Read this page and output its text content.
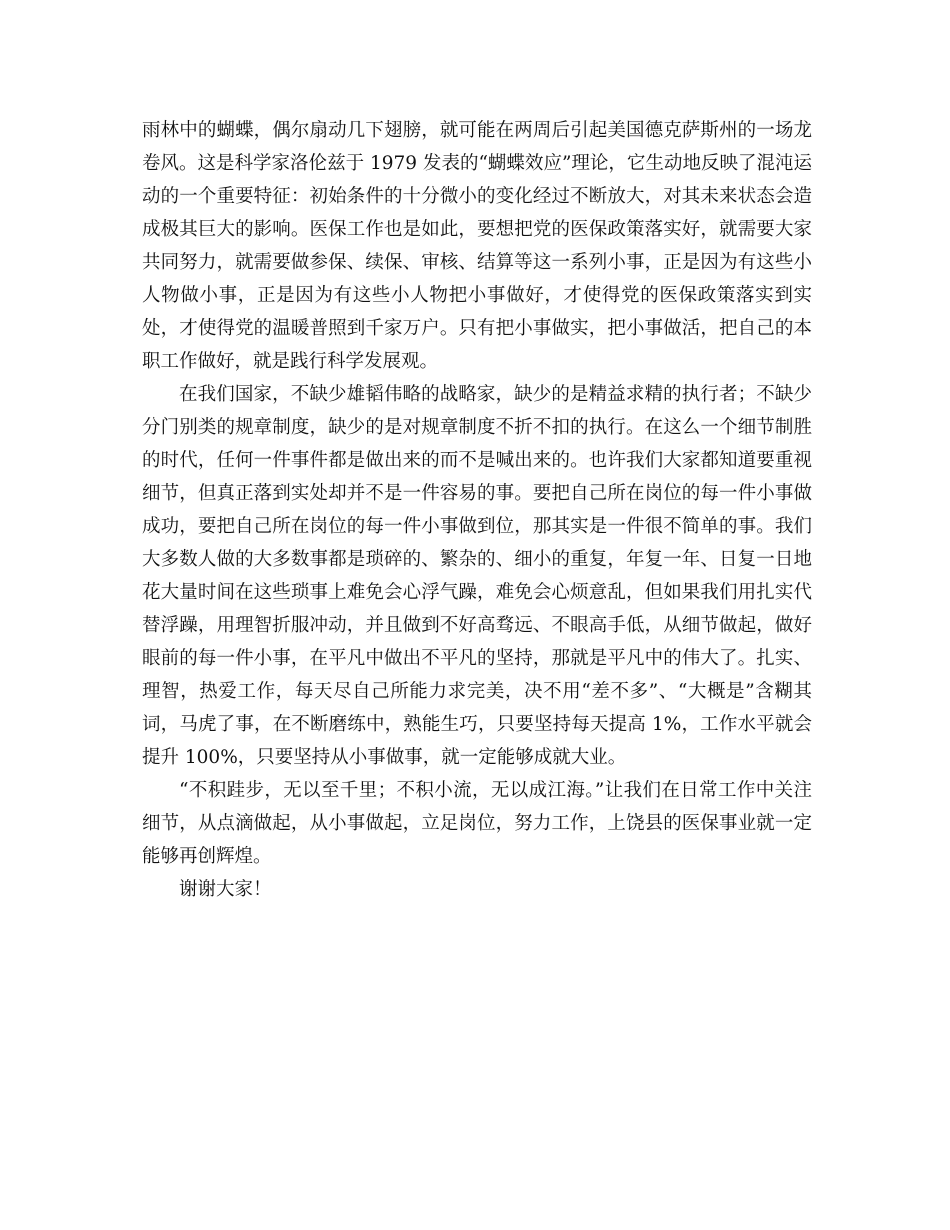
雨林中的蝴蝶，偶尔扇动几下翅膀，就可能在两周后引起美国德克萨斯州的一场龙卷风。这是科学家洛伦兹于 1979 发表的“蝴蝶效应”理论，它生动地反映了混沌运动的一个重要特征：初始条件的十分微小的变化经过不断放大，对其未来状态会造成极其巨大的影响。医保工作也是如此，要想把党的医保政策落实好，就需要大家共同努力，就需要做参保、续保、审核、结算等这一系列小事，正是因为有这些小人物做小事，正是因为有这些小人物把小事做好，才使得党的医保政策落实到实处，才使得党的温暖普照到千家万户。只有把小事做实，把小事做活，把自己的本职工作做好，就是践行科学发展观。

在我们国家，不缺少雄韬伟略的战略家，缺少的是精益求精的执行者；不缺少分门别类的规章制度，缺少的是对规章制度不折不扣的执行。在这么一个细节制胜的时代，任何一件事件都是做出来的而不是喊出来的。也许我们大家都知道要重视细节，但真正落到实处却并不是一件容易的事。要把自己所在岗位的每一件小事做成功，要把自己所在岗位的每一件小事做到位，那其实是一件很不简单的事。我们大多数人做的大多数事都是琐碎的、繁杂的、细小的重复，年复一年、日复一日地花大量时间在这些琐事上难免会心浮气躁，难免会心烦意乱，但如果我们用扎实代替浮躁，用理智折服冲动，并且做到不好高骛远、不眼高手低，从细节做起，做好眼前的每一件小事，在平凡中做出不平凡的坚持，那就是平凡中的伟大了。扎实、理智，热爱工作，每天尽自己所能力求完美，决不用“差不多”、“大概是”含糊其词，马虎了事，在不断磨练中，熟能生巧，只要坚持每天提高 1%，工作水平就会提升 100%，只要坚持从小事做事，就一定能够成就大业。

“不积跬步，无以至千里；不积小流，无以成江海。”让我们在日常工作中关注细节，从点滴做起，从小事做起，立足岗位，努力工作，上饶县的医保事业就一定能够再创辉煌。

谢谢大家！
